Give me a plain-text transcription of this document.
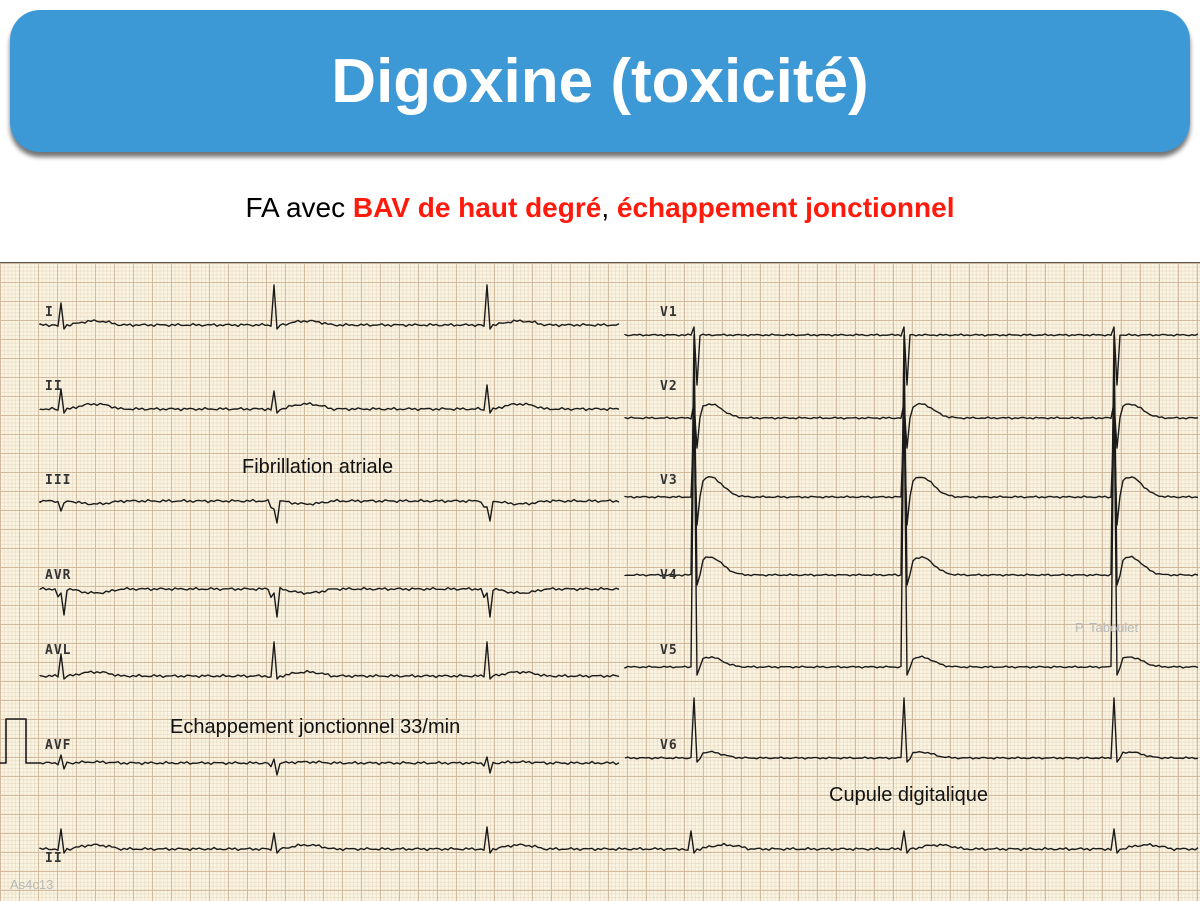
Digoxine (toxicité)
FA avec BAV de haut degré, échappement jonctionnel
I
II
III
AVR
AVL
AVF
V1
V2
V3
V4
V5
V6
II
Fibrillation atriale
Echappement jonctionnel 33/min
Cupule digitalique
P. Taboulet
As4c13
